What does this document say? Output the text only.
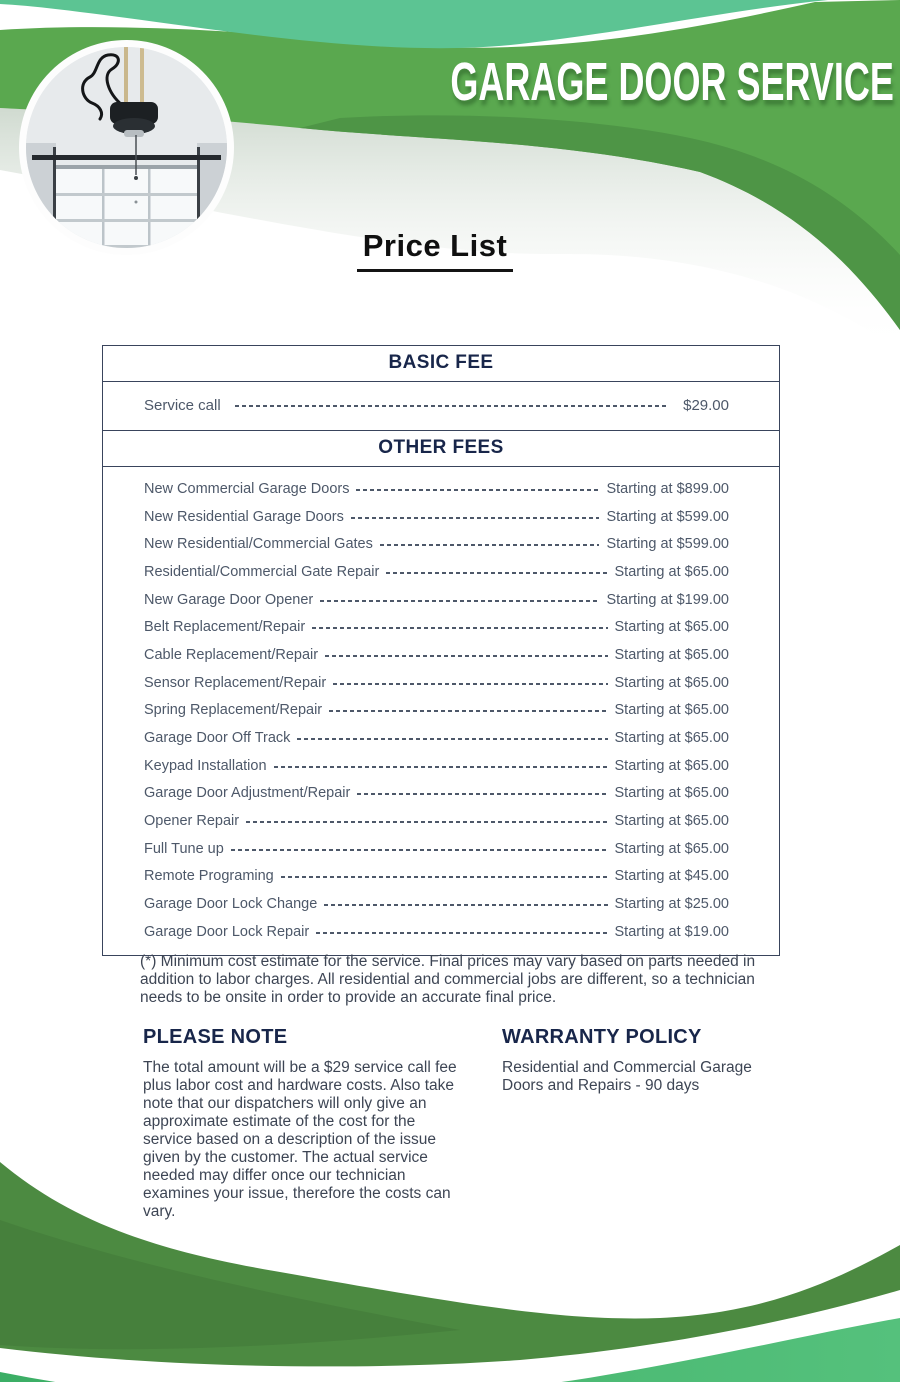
GARAGE DOOR SERVICE
Price List
BASIC FEE
Service call	$29.00
OTHER FEES
New Commercial Garage Doors	Starting at $899.00
New Residential Garage Doors	Starting at $599.00
New Residential/Commercial Gates	Starting at $599.00
Residential/Commercial Gate Repair	Starting at $65.00
New Garage Door Opener	Starting at $199.00
Belt Replacement/Repair	Starting at $65.00
Cable Replacement/Repair	Starting at $65.00
Sensor Replacement/Repair	Starting at $65.00
Spring Replacement/Repair	Starting at $65.00
Garage Door Off Track	Starting at $65.00
Keypad Installation	Starting at $65.00
Garage Door Adjustment/Repair	Starting at $65.00
Opener Repair	Starting at $65.00
Full Tune up	Starting at $65.00
Remote Programing	Starting at $45.00
Garage Door Lock Change	Starting at $25.00
Garage Door Lock Repair	Starting at $19.00
(*) Minimum cost estimate for the service. Final prices may vary based on parts needed in addition to labor charges. All residential and commercial jobs are different, so a technician needs to be onsite in order to provide an accurate final price.
PLEASE NOTE
The total amount will be a $29 service call fee plus labor cost and hardware costs. Also take note that our dispatchers will only give an approximate estimate of the cost for the service based on a description of the issue given by the customer. The actual service needed may differ once our technician examines your issue, therefore the costs can vary.
WARRANTY POLICY
Residential and Commercial Garage Doors and Repairs - 90 days
